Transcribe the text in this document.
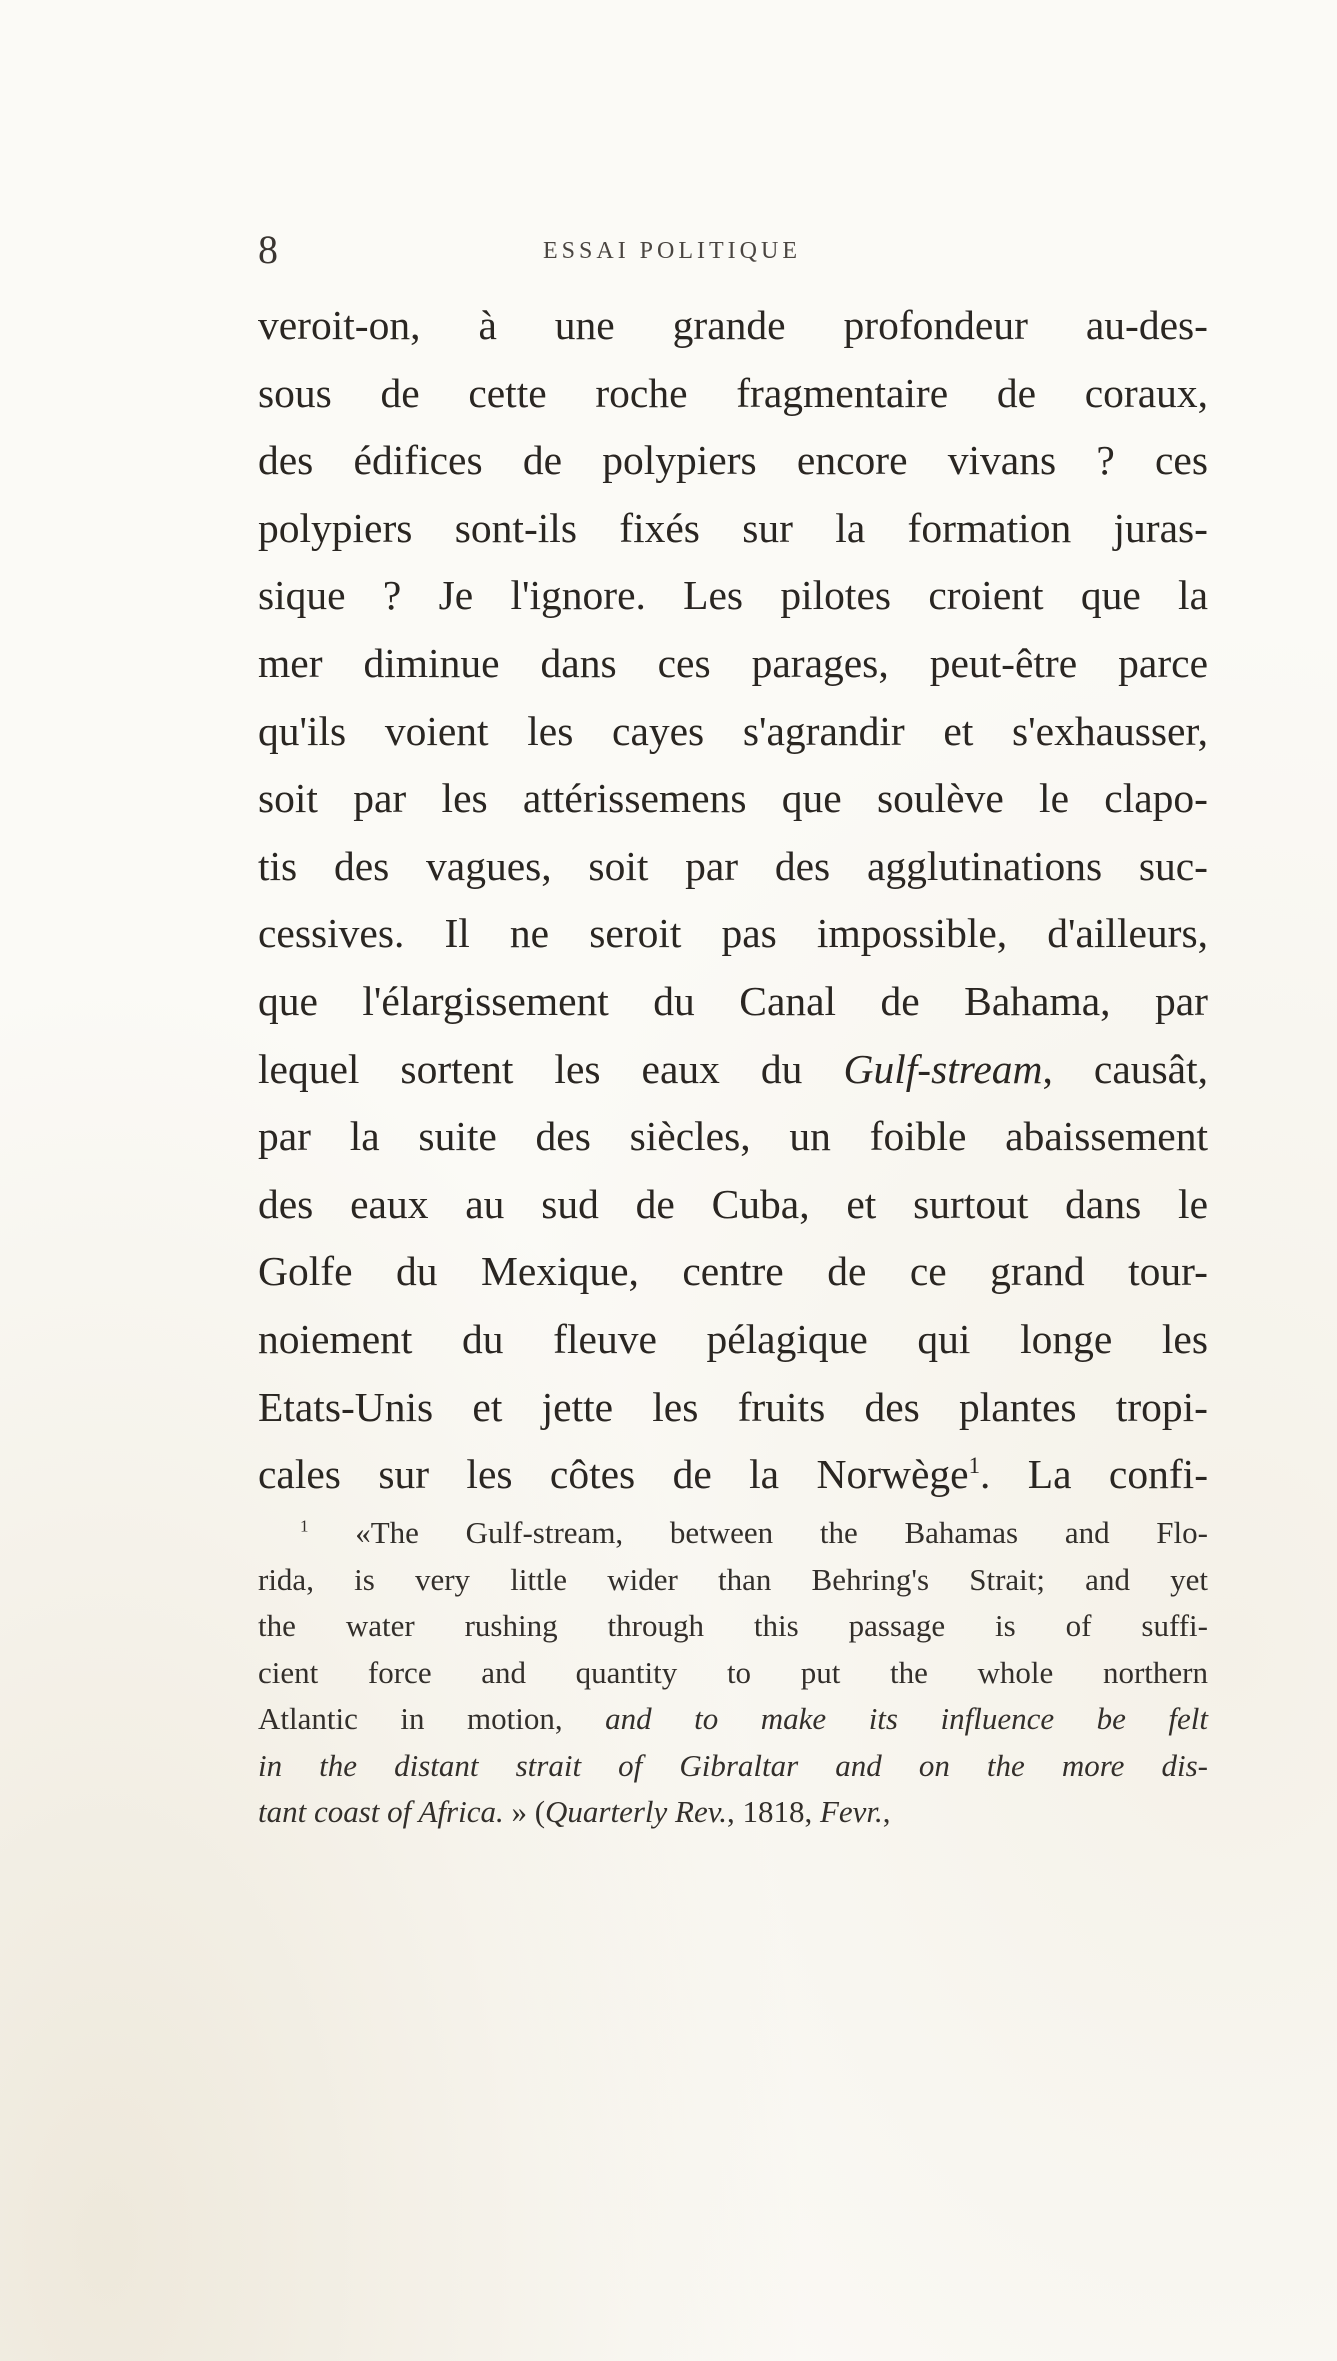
8	ESSAI POLITIQUE
veroit-on, à une grande profondeur au-des-
sous de cette roche fragmentaire de coraux,
des édifices de polypiers encore vivans ? ces
polypiers sont-ils fixés sur la formation juras-
sique ? Je l'ignore. Les pilotes croient que la
mer diminue dans ces parages, peut-être parce
qu'ils voient les cayes s'agrandir et s'exhausser,
soit par les attérissemens que soulève le clapo-
tis des vagues, soit par des agglutinations suc-
cessives. Il ne seroit pas impossible, d'ailleurs,
que l'élargissement du Canal de Bahama, par
lequel sortent les eaux du Gulf-stream, causât,
par la suite des siècles, un foible abaissement
des eaux au sud de Cuba, et surtout dans le
Golfe du Mexique, centre de ce grand tour-
noiement du fleuve pélagique qui longe les
Etats-Unis et jette les fruits des plantes tropi-
cales sur les côtes de la Norwège$^1$. La confi-
$^1$ «The Gulf-stream, between the Bahamas and Flo-
rida, is very little wider than Behring's Strait; and yet
the water rushing through this passage is of suffi-
cient force and quantity to put the whole northern
Atlantic in motion, and to make its influence be felt
in the distant strait of Gibraltar and on the more dis-
tant coast of Africa. » (Quarterly Rev., 1818, Fevr.,
